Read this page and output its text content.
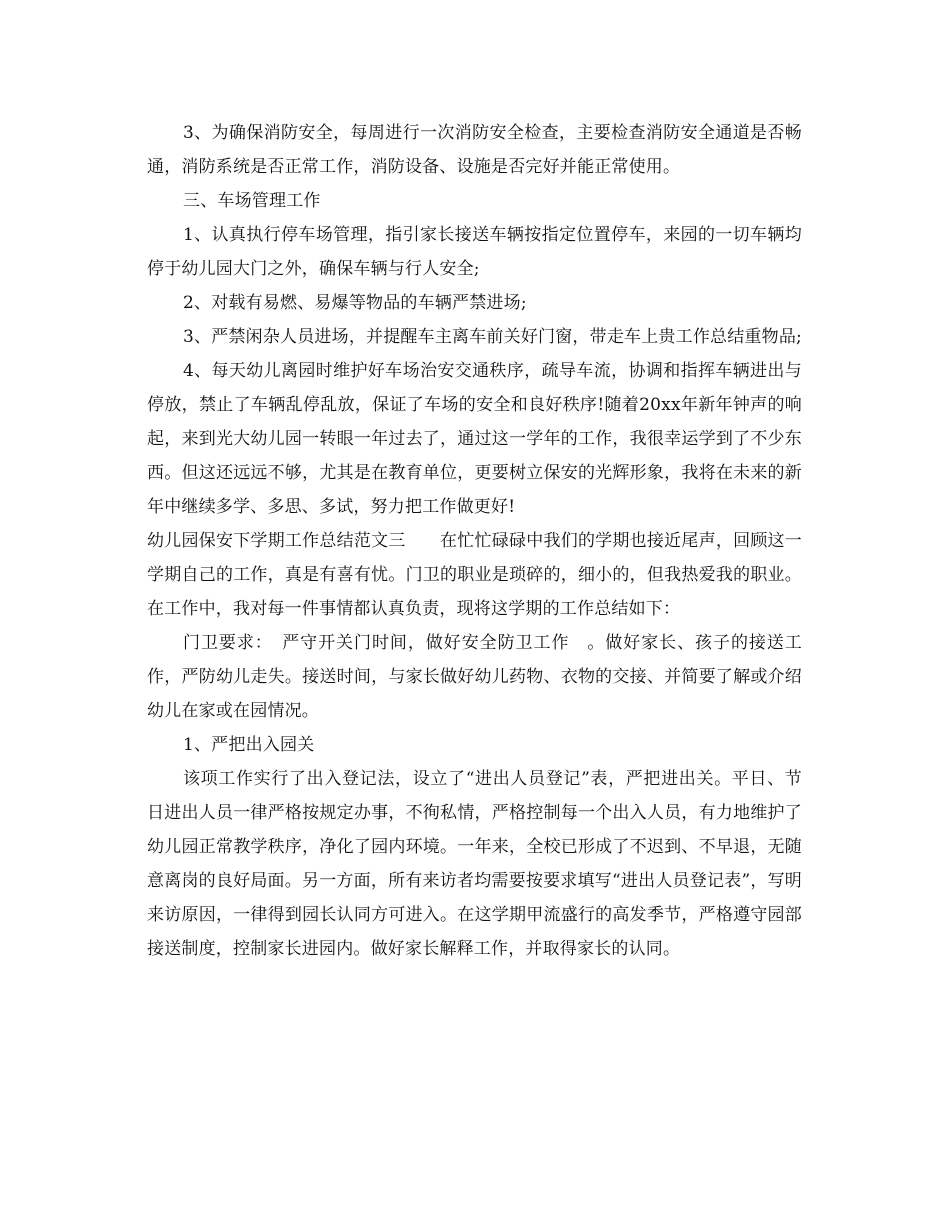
3、为确保消防安全，每周进行一次消防安全检查，主要检查消防安全通道是否畅通，消防系统是否正常工作，消防设备、设施是否完好并能正常使用。

三、车场管理工作

1、认真执行停车场管理，指引家长接送车辆按指定位置停车，来园的一切车辆均停于幼儿园大门之外，确保车辆与行人安全;

2、对载有易燃、易爆等物品的车辆严禁进场;

3、严禁闲杂人员进场，并提醒车主离车前关好门窗，带走车上贵工作总结重物品;

4、每天幼儿离园时维护好车场治安交通秩序，疏导车流，协调和指挥车辆进出与停放，禁止了车辆乱停乱放，保证了车场的安全和良好秩序!随着20xx年新年钟声的响起，来到光大幼儿园一转眼一年过去了，通过这一学年的工作，我很幸运学到了不少东西。但这还远远不够，尤其是在教育单位，更要树立保安的光辉形象，我将在未来的新年中继续多学、多思、多试，努力把工作做更好!

幼儿园保安下学期工作总结范文三　　在忙忙碌碌中我们的学期也接近尾声，回顾这一学期自己的工作，真是有喜有忧。门卫的职业是琐碎的，细小的，但我热爱我的职业。在工作中，我对每一件事情都认真负责，现将这学期的工作总结如下：

门卫要求：　严守开关门时间，做好安全防卫工作　。做好家长、孩子的接送工作，严防幼儿走失。接送时间，与家长做好幼儿药物、衣物的交接、并简要了解或介绍幼儿在家或在园情况。

1、严把出入园关

该项工作实行了出入登记法，设立了“进出人员登记”表，严把进出关。平日、节日进出人员一律严格按规定办事，不徇私情，严格控制每一个出入人员，有力地维护了幼儿园正常教学秩序，净化了园内环境。一年来，全校已形成了不迟到、不早退，无随意离岗的良好局面。另一方面，所有来访者均需要按要求填写“进出人员登记表”，写明来访原因，一律得到园长认同方可进入。在这学期甲流盛行的高发季节，严格遵守园部接送制度，控制家长进园内。做好家长解释工作，并取得家长的认同。
